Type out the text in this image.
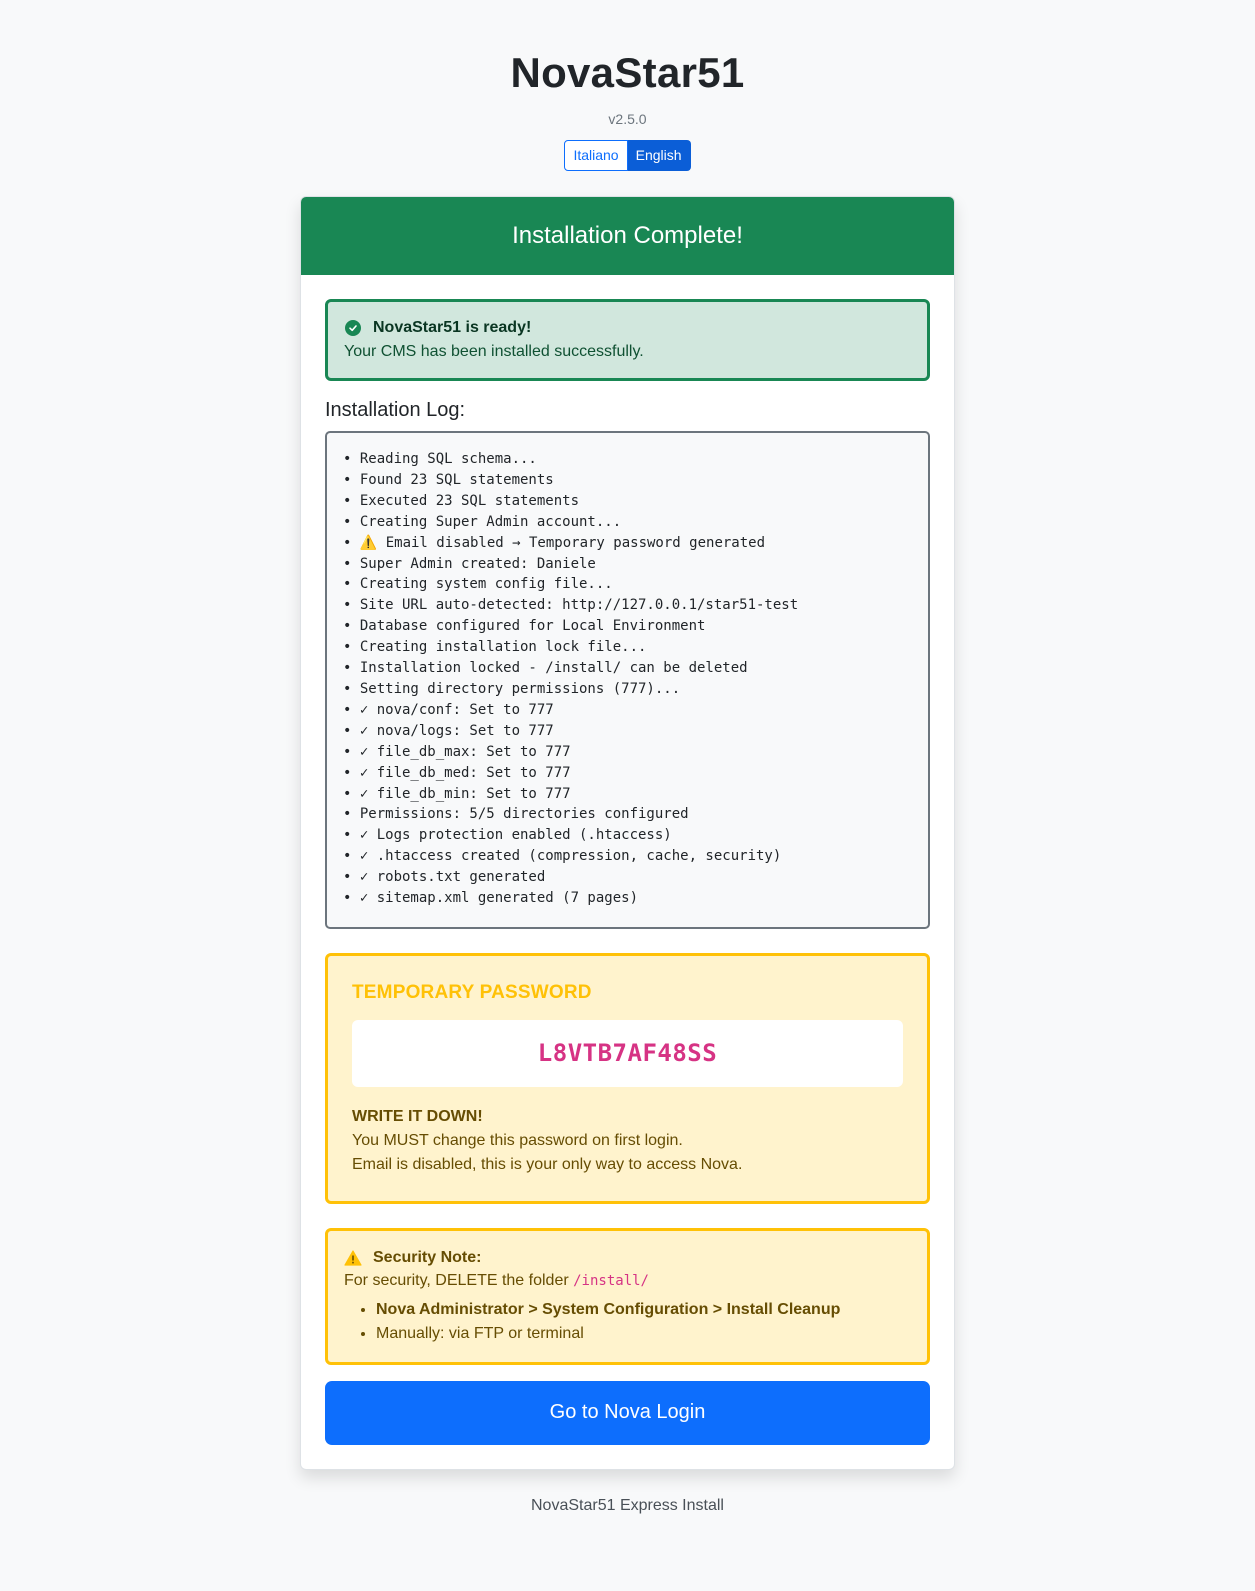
NovaStar51
v2.5.0
Italiano	English
Installation Complete!
NovaStar51 is ready!
Your CMS has been installed successfully.
Installation Log:
• Reading SQL schema...
• Found 23 SQL statements
• Executed 23 SQL statements
• Creating Super Admin account...
• ⚠️ Email disabled → Temporary password generated
• Super Admin created: Daniele
• Creating system config file...
• Site URL auto-detected: http://127.0.0.1/star51-test
• Database configured for Local Environment
• Creating installation lock file...
• Installation locked - /install/ can be deleted
• Setting directory permissions (777)...
• ✓ nova/conf: Set to 777
• ✓ nova/logs: Set to 777
• ✓ file_db_max: Set to 777
• ✓ file_db_med: Set to 777
• ✓ file_db_min: Set to 777
• Permissions: 5/5 directories configured
• ✓ Logs protection enabled (.htaccess)
• ✓ .htaccess created (compression, cache, security)
• ✓ robots.txt generated
• ✓ sitemap.xml generated (7 pages)
TEMPORARY PASSWORD
L8VTB7AF48SS
WRITE IT DOWN!
You MUST change this password on first login.
Email is disabled, this is your only way to access Nova.
Security Note:
For security, DELETE the folder /install/
• Nova Administrator > System Configuration > Install Cleanup
• Manually: via FTP or terminal
Go to Nova Login
NovaStar51 Express Install
